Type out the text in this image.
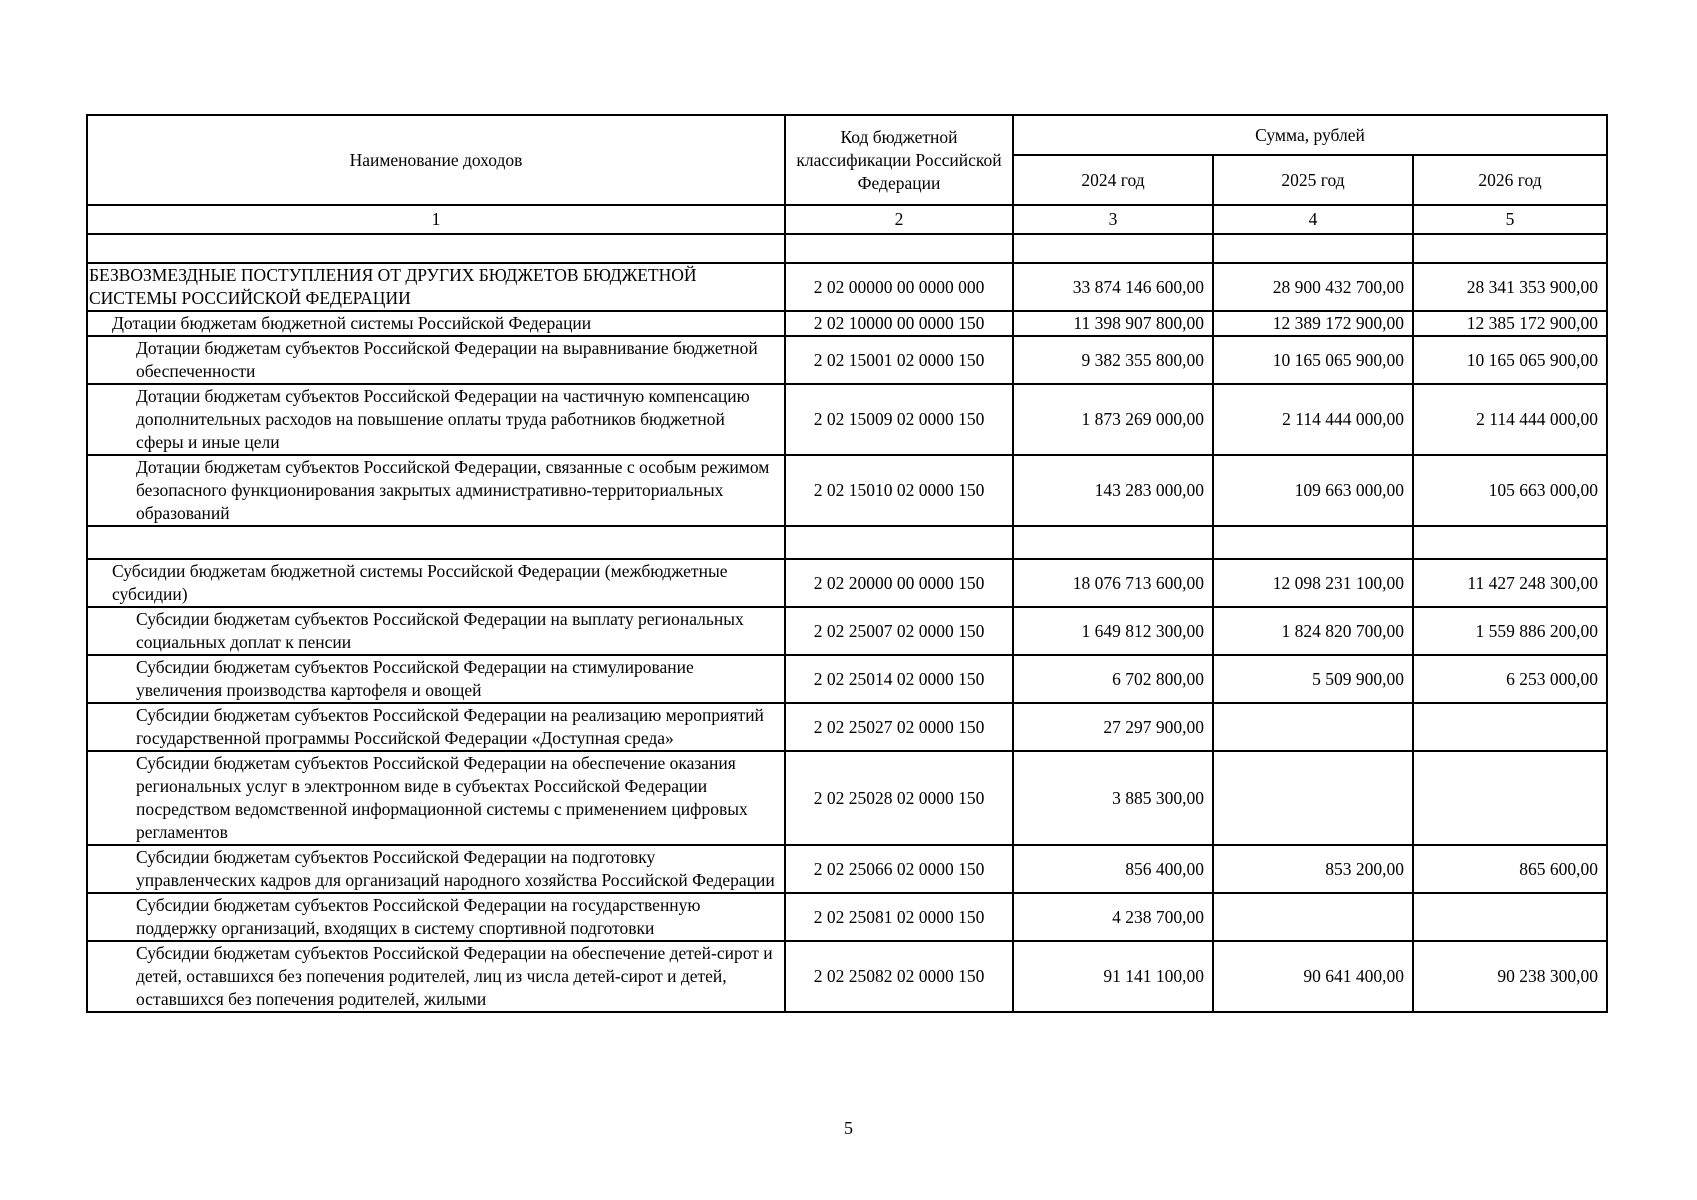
Наименование доходов	Код бюджетной классификации Российской Федерации	Сумма, рублей		
		2024 год	2025 год	2026 год
1	2	3	4	5

БЕЗВОЗМЕЗДНЫЕ ПОСТУПЛЕНИЯ ОТ ДРУГИХ БЮДЖЕТОВ БЮДЖЕТНОЙ СИСТЕМЫ РОССИЙСКОЙ ФЕДЕРАЦИИ	2 02 00000 00 0000 000	33 874 146 600,00	28 900 432 700,00	28 341 353 900,00
Дотации бюджетам бюджетной системы Российской Федерации	2 02 10000 00 0000 150	11 398 907 800,00	12 389 172 900,00	12 385 172 900,00
Дотации бюджетам субъектов Российской Федерации на выравнивание бюджетной обеспеченности	2 02 15001 02 0000 150	9 382 355 800,00	10 165 065 900,00	10 165 065 900,00
Дотации бюджетам субъектов Российской Федерации на частичную компенсацию дополнительных расходов на повышение оплаты труда работников бюджетной сферы и иные цели	2 02 15009 02 0000 150	1 873 269 000,00	2 114 444 000,00	2 114 444 000,00
Дотации бюджетам субъектов Российской Федерации, связанные с особым режимом безопасного функционирования закрытых административно-территориальных образований	2 02 15010 02 0000 150	143 283 000,00	109 663 000,00	105 663 000,00

Субсидии бюджетам бюджетной системы Российской Федерации (межбюджетные субсидии)	2 02 20000 00 0000 150	18 076 713 600,00	12 098 231 100,00	11 427 248 300,00
Субсидии бюджетам субъектов Российской Федерации на выплату региональных социальных доплат к пенсии	2 02 25007 02 0000 150	1 649 812 300,00	1 824 820 700,00	1 559 886 200,00
Субсидии бюджетам субъектов Российской Федерации на стимулирование увеличения производства картофеля и овощей	2 02 25014 02 0000 150	6 702 800,00	5 509 900,00	6 253 000,00
Субсидии бюджетам субъектов Российской Федерации на реализацию мероприятий государственной программы Российской Федерации «Доступная среда»	2 02 25027 02 0000 150	27 297 900,00		
Субсидии бюджетам субъектов Российской Федерации на обеспечение оказания региональных услуг в электронном виде в субъектах Российской Федерации посредством ведомственной информационной системы с применением цифровых регламентов	2 02 25028 02 0000 150	3 885 300,00		
Субсидии бюджетам субъектов Российской Федерации на подготовку управленческих кадров для организаций народного хозяйства Российской Федерации	2 02 25066 02 0000 150	856 400,00	853 200,00	865 600,00
Субсидии бюджетам субъектов Российской Федерации на государственную поддержку организаций, входящих в систему спортивной подготовки	2 02 25081 02 0000 150	4 238 700,00		
Субсидии бюджетам субъектов Российской Федерации на обеспечение детей-сирот и детей, оставшихся без попечения родителей, лиц из числа детей-сирот и детей, оставшихся без попечения родителей, жилыми	2 02 25082 02 0000 150	91 141 100,00	90 641 400,00	90 238 300,00
5
